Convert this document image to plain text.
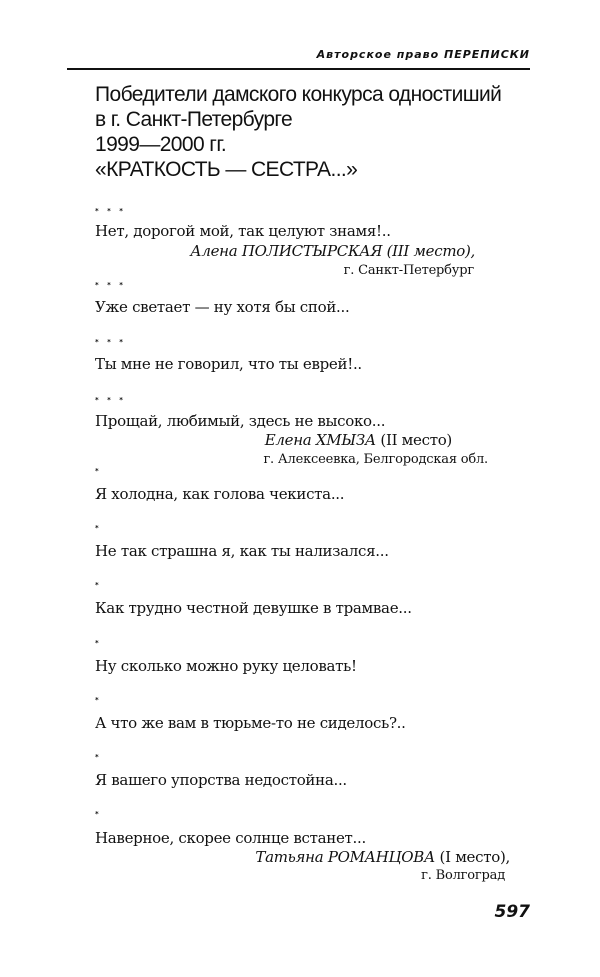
Авторское право ПЕРЕПИСКИ
Победители дамского конкурса одностиший
в г. Санкт-Петербурге
1999—2000 гг.
«КРАТКОСТЬ — СЕСТРА...»
* * *
Нет, дорогой мой, так целуют знамя!..
Алена ПОЛИСТЫРСКАЯ (III место),
г. Санкт-Петербург
* * *
Уже светает — ну хотя бы спой...
* * *
Ты мне не говорил, что ты еврей!..
* * *
Прощай, любимый, здесь не высоко...
Елена ХМЫЗА (II место)
г. Алексеевка, Белгородская обл.
*
Я холодна, как голова чекиста...
*
Не так страшна я, как ты нализался...
*
Как трудно честной девушке в трамвае...
*
Ну сколько можно руку целовать!
*
А что же вам в тюрьме-то не сиделось?..
*
Я вашего упорства недостойна...
*
Наверное, скорее солнце встанет...
Татьяна РОМАНЦОВА (I место),
г. Волгоград
597
